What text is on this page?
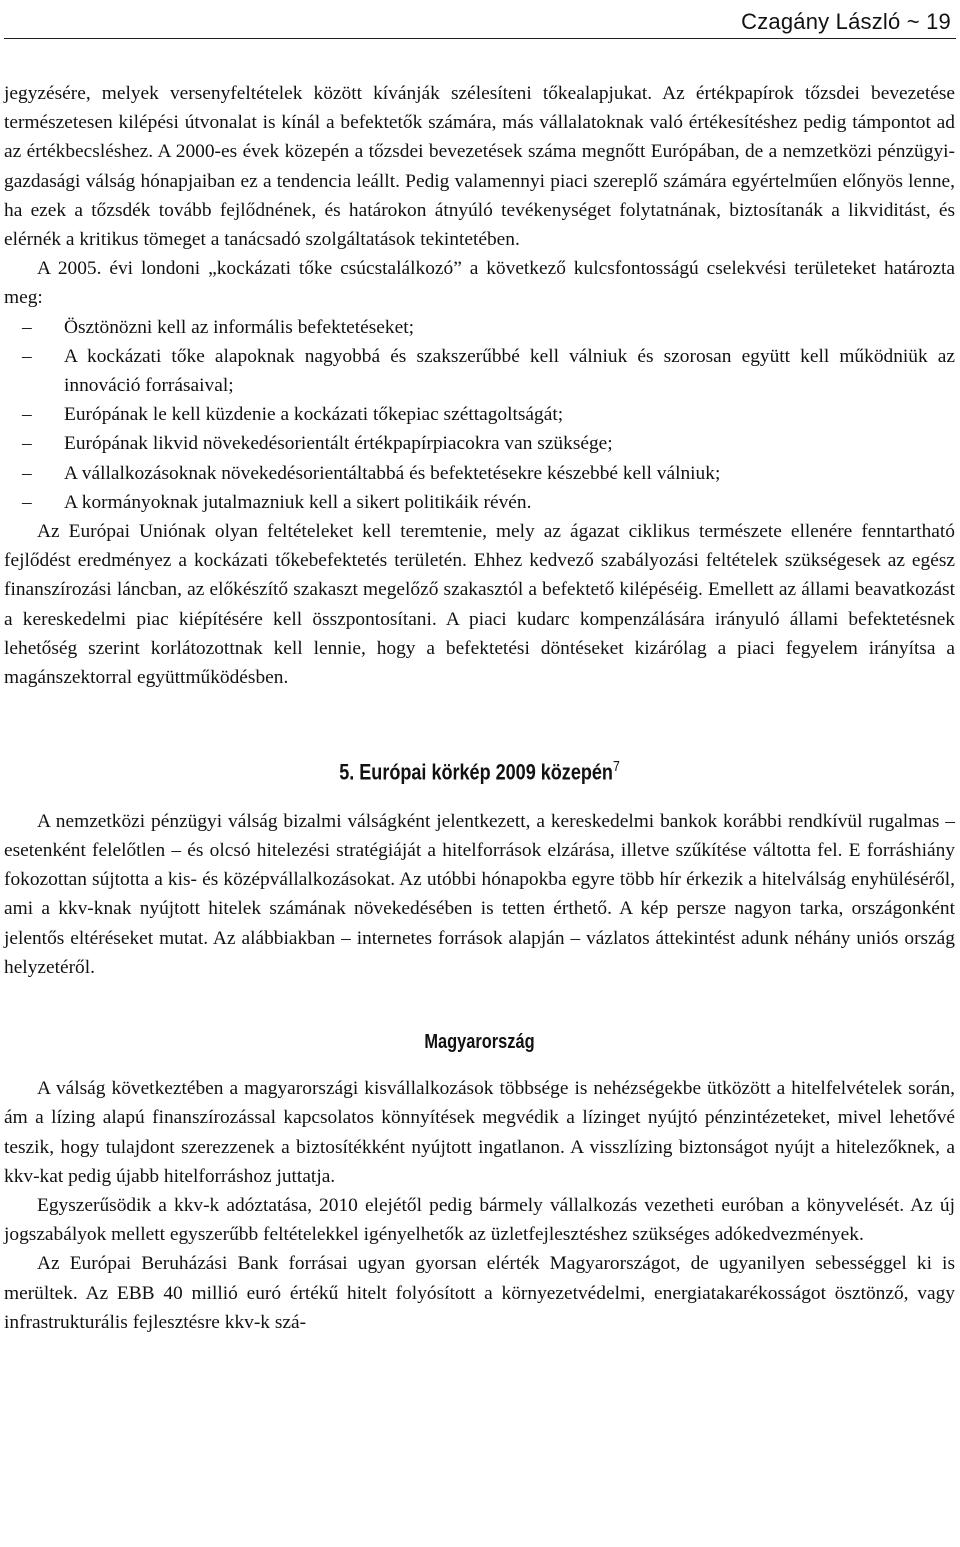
Czagány László ~ 19

jegyzésére, melyek versenyfeltételek között kívánják szélesíteni tőkealapjukat. Az értékpapírok tőzsdei bevezetése természetesen kilépési útvonalat is kínál a befektetők számára, más vállalatoknak való értékesítéshez pedig támpontot ad az értékbecsléshez. A 2000-es évek közepén a tőzsdei bevezetések száma megnőtt Európában, de a nemzetközi pénzügyi-gazdasági válság hónapjaiban ez a tendencia leállt. Pedig valamennyi piaci szereplő számára egyértelműen előnyös lenne, ha ezek a tőzsdék tovább fejlődnének, és határokon átnyúló tevékenységet folytatnának, biztosítanák a likviditást, és elérnék a kritikus tömeget a tanácsadó szolgáltatások tekintetében.

A 2005. évi londoni „kockázati tőke csúcstalálkozó” a következő kulcsfontosságú cselekvési területeket határozta meg:

– Ösztönözni kell az informális befektetéseket;
– A kockázati tőke alapoknak nagyobbá és szakszerűbbé kell válniuk és szorosan együtt kell működniük az innováció forrásaival;
– Európának le kell küzdenie a kockázati tőkepiac széttagoltságát;
– Európának likvid növekedésorientált értékpapírpiacokra van szüksége;
– A vállalkozásoknak növekedésorientáltabbá és befektetésekre készebbé kell válniuk;
– A kormányoknak jutalmazniuk kell a sikert politikáik révén.

Az Európai Uniónak olyan feltételeket kell teremtenie, mely az ágazat ciklikus természete ellenére fenntartható fejlődést eredményez a kockázati tőkebefektetés területén. Ehhez kedvező szabályozási feltételek szükségesek az egész finanszírozási láncban, az előkészítő szakaszt megelőző szakasztól a befektető kilépéséig. Emellett az állami beavatkozást a kereskedelmi piac kiépítésére kell összpontosítani. A piaci kudarc kompenzálására irányuló állami befektetésnek lehetőség szerint korlátozottnak kell lennie, hogy a befektetési döntéseket kizárólag a piaci fegyelem irányítsa a magánszektorral együttműködésben.

5. Európai körkép 2009 közepén$^7$

A nemzetközi pénzügyi válság bizalmi válságként jelentkezett, a kereskedelmi bankok korábbi rendkívül rugalmas – esetenként felelőtlen – és olcsó hitelezési stratégiáját a hitelforrások elzárása, illetve szűkítése váltotta fel. E forráshiány fokozottan sújtotta a kis- és középvállalkozásokat. Az utóbbi hónapokba egyre több hír érkezik a hitelválság enyhüléséről, ami a kkv-knak nyújtott hitelek számának növekedésében is tetten érthető. A kép persze nagyon tarka, országonként jelentős eltéréseket mutat. Az alábbiakban – internetes források alapján – vázlatos áttekintést adunk néhány uniós ország helyzetéről.

Magyarország

A válság következtében a magyarországi kisvállalkozások többsége is nehézségekbe ütközött a hitelfelvételek során, ám a lízing alapú finanszírozással kapcsolatos könnyítések megvédik a lízinget nyújtó pénzintézeteket, mivel lehetővé teszik, hogy tulajdont szerezzenek a biztosítékként nyújtott ingatlanon. A visszlízing biztonságot nyújt a hitelezőknek, a kkv-kat pedig újabb hitelforráshoz juttatja.

Egyszerűsödik a kkv-k adóztatása, 2010 elejétől pedig bármely vállalkozás vezetheti euróban a könyvelését. Az új jogszabályok mellett egyszerűbb feltételekkel igényelhetők az üzletfejlesztéshez szükséges adókedvezmények.

Az Európai Beruházási Bank forrásai ugyan gyorsan elérték Magyarországot, de ugyanilyen sebességgel ki is merültek. Az EBB 40 millió euró értékű hitelt folyósított a környezetvédelmi, energiatakarékosságot ösztönző, vagy infrastrukturális fejlesztésre kkv-k szá-
